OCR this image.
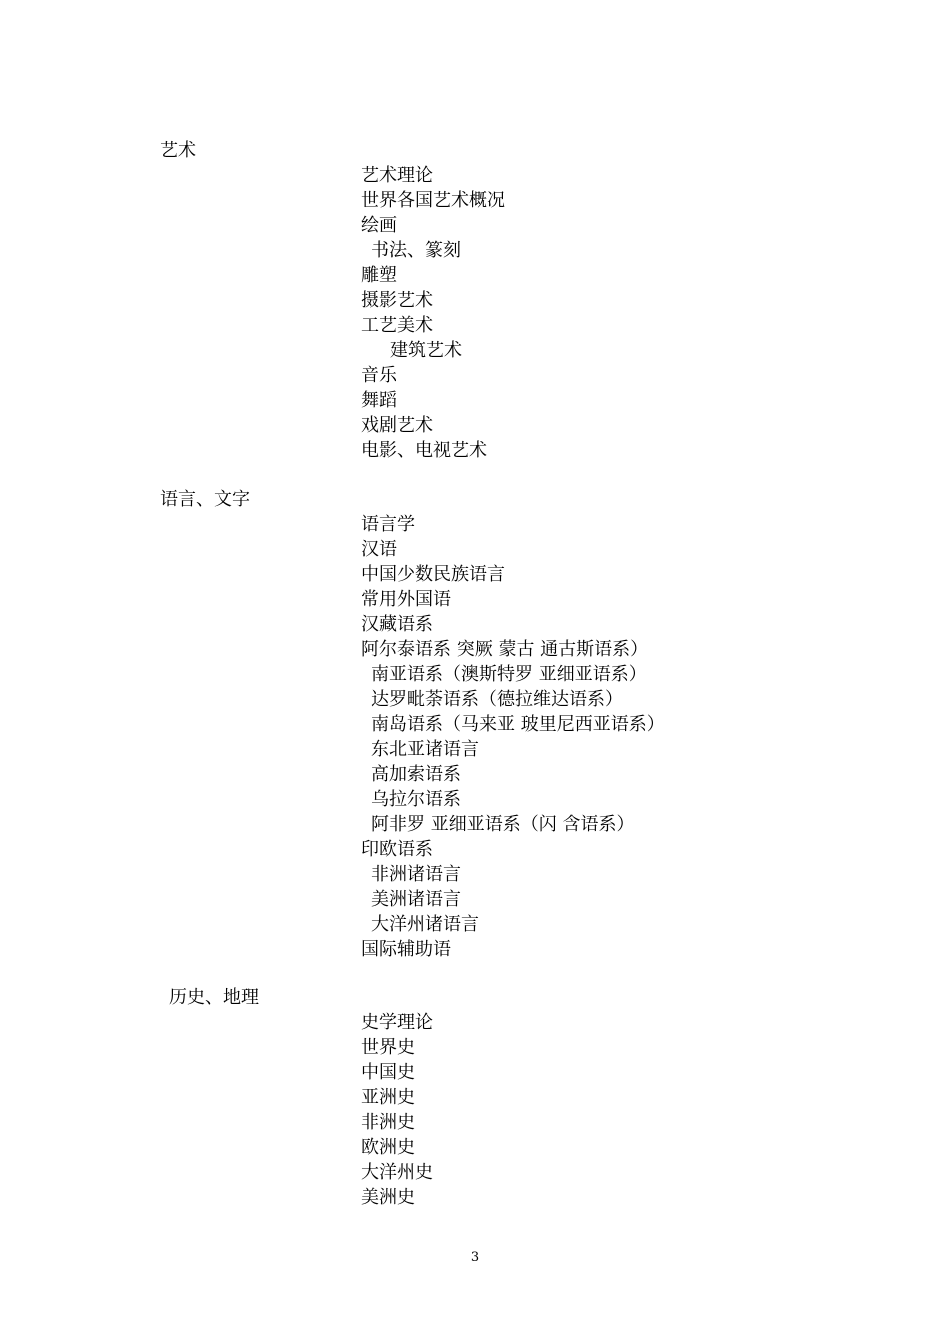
艺术
艺术理论
世界各国艺术概况
绘画
书法、篆刻
雕塑
摄影艺术
工艺美术
建筑艺术
音乐
舞蹈
戏剧艺术
电影、电视艺术
语言、文字
语言学
汉语
中国少数民族语言
常用外国语
汉藏语系
阿尔泰语系 突厥 蒙古 通古斯语系）
南亚语系（澳斯特罗 亚细亚语系）
达罗毗荼语系（德拉维达语系）
南岛语系（马来亚 玻里尼西亚语系）
东北亚诸语言
高加索语系
乌拉尔语系
阿非罗 亚细亚语系（闪 含语系）
印欧语系
非洲诸语言
美洲诸语言
大洋州诸语言
国际辅助语
历史、地理
史学理论
世界史
中国史
亚洲史
非洲史
欧洲史
大洋州史
美洲史
3
